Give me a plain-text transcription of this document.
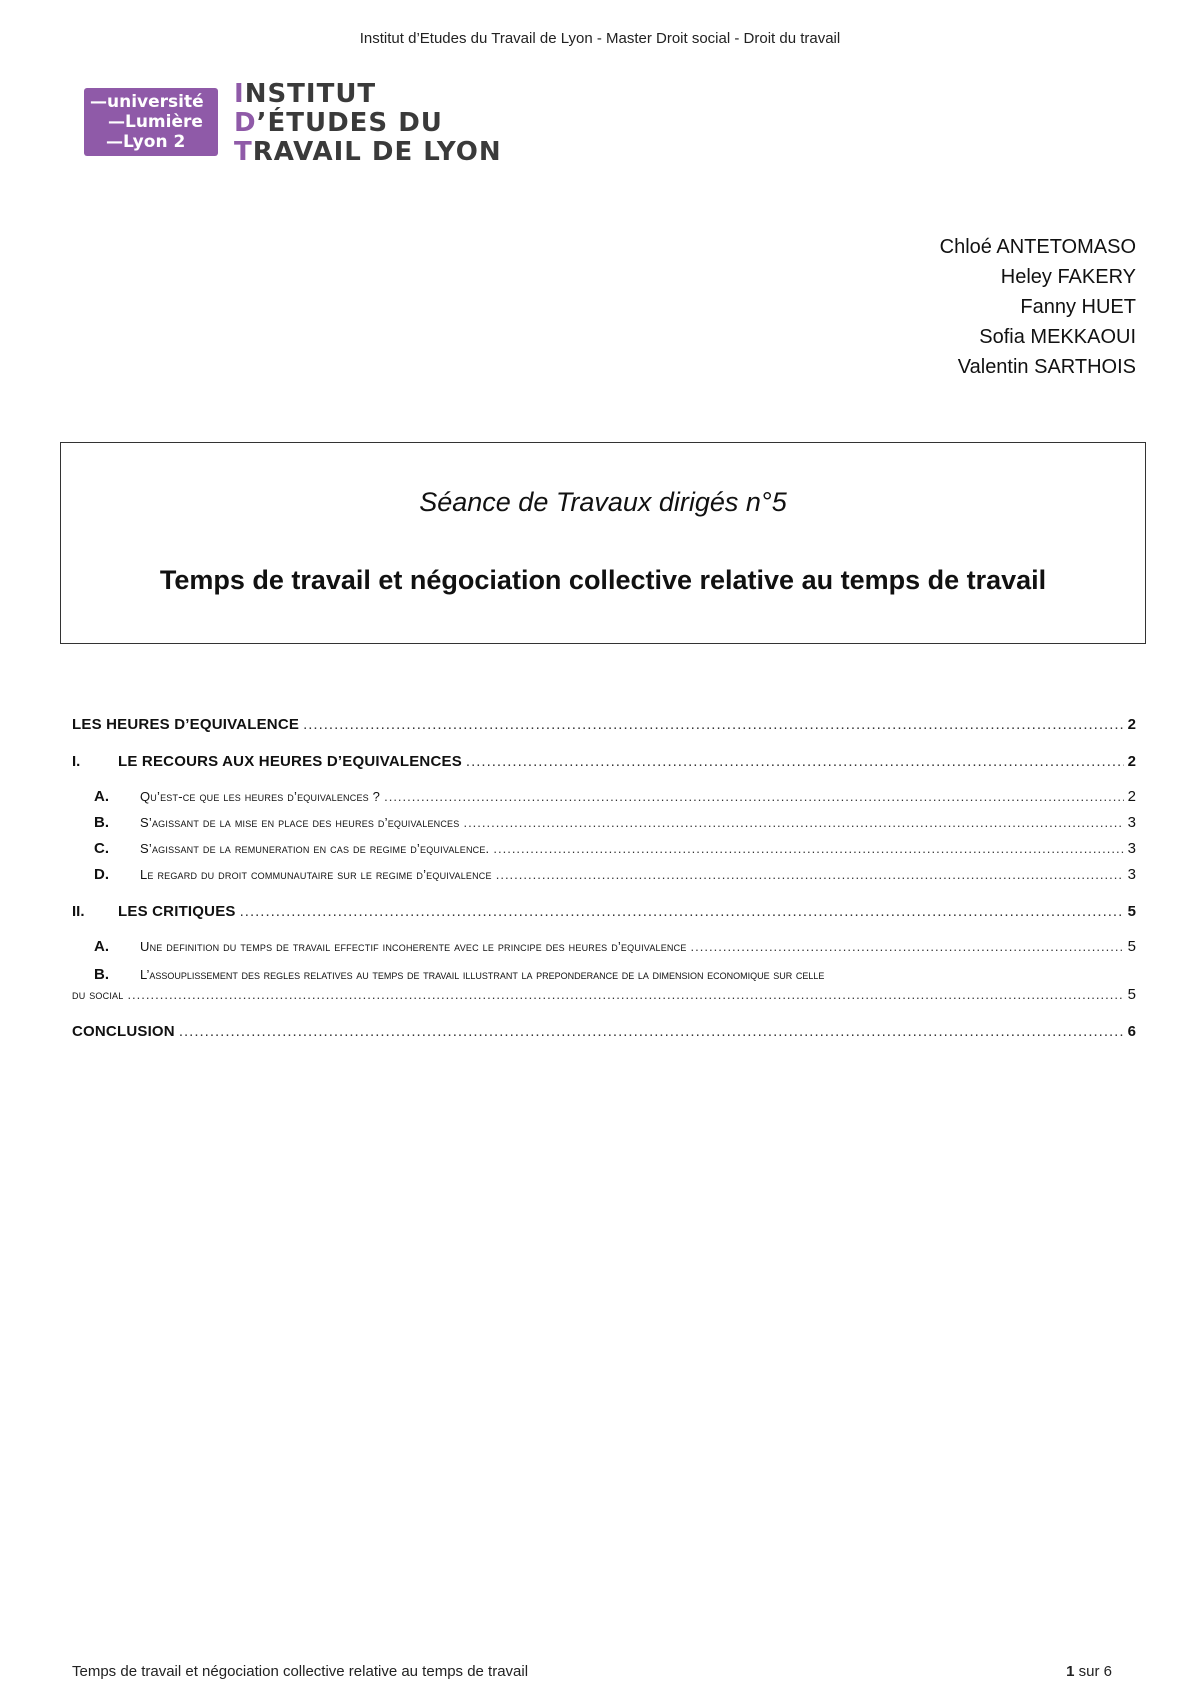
Institut d’Etudes du Travail de Lyon - Master Droit social - Droit du travail
—université
—Lumière
—Lyon 2
INSTITUT
D’ÉTUDES DU
TRAVAIL DE LYON
Chloé ANTETOMASO
Heley FAKERY
Fanny HUET
Sofia MEKKAOUI
Valentin SARTHOIS
Séance de Travaux dirigés n°5
Temps de travail et négociation collective relative au temps de travail
LES HEURES D’EQUIVALENCE .....	2
I.	LE RECOURS AUX HEURES D’EQUIVALENCES .....	2
A.	Qu’est-ce que les heures d’equivalences ? .....	2
B.	S’agissant de la mise en place des heures d’equivalences .....	3
C.	S’agissant de la remuneration en cas de regime d’equivalence. .....	3
D.	Le regard du droit communautaire sur le regime d’equivalence .....	3
II.	LES CRITIQUES .....	5
A.	Une definition du temps de travail effectif incoherente avec le principe des heures d’equivalence .....	5
B. L’assouplissement des regles relatives au temps de travail illustrant la preponderance de la dimension economique sur celle
du social .....	5
CONCLUSION .....	6
Temps de travail et négociation collective relative au temps de travail	1 sur 6
